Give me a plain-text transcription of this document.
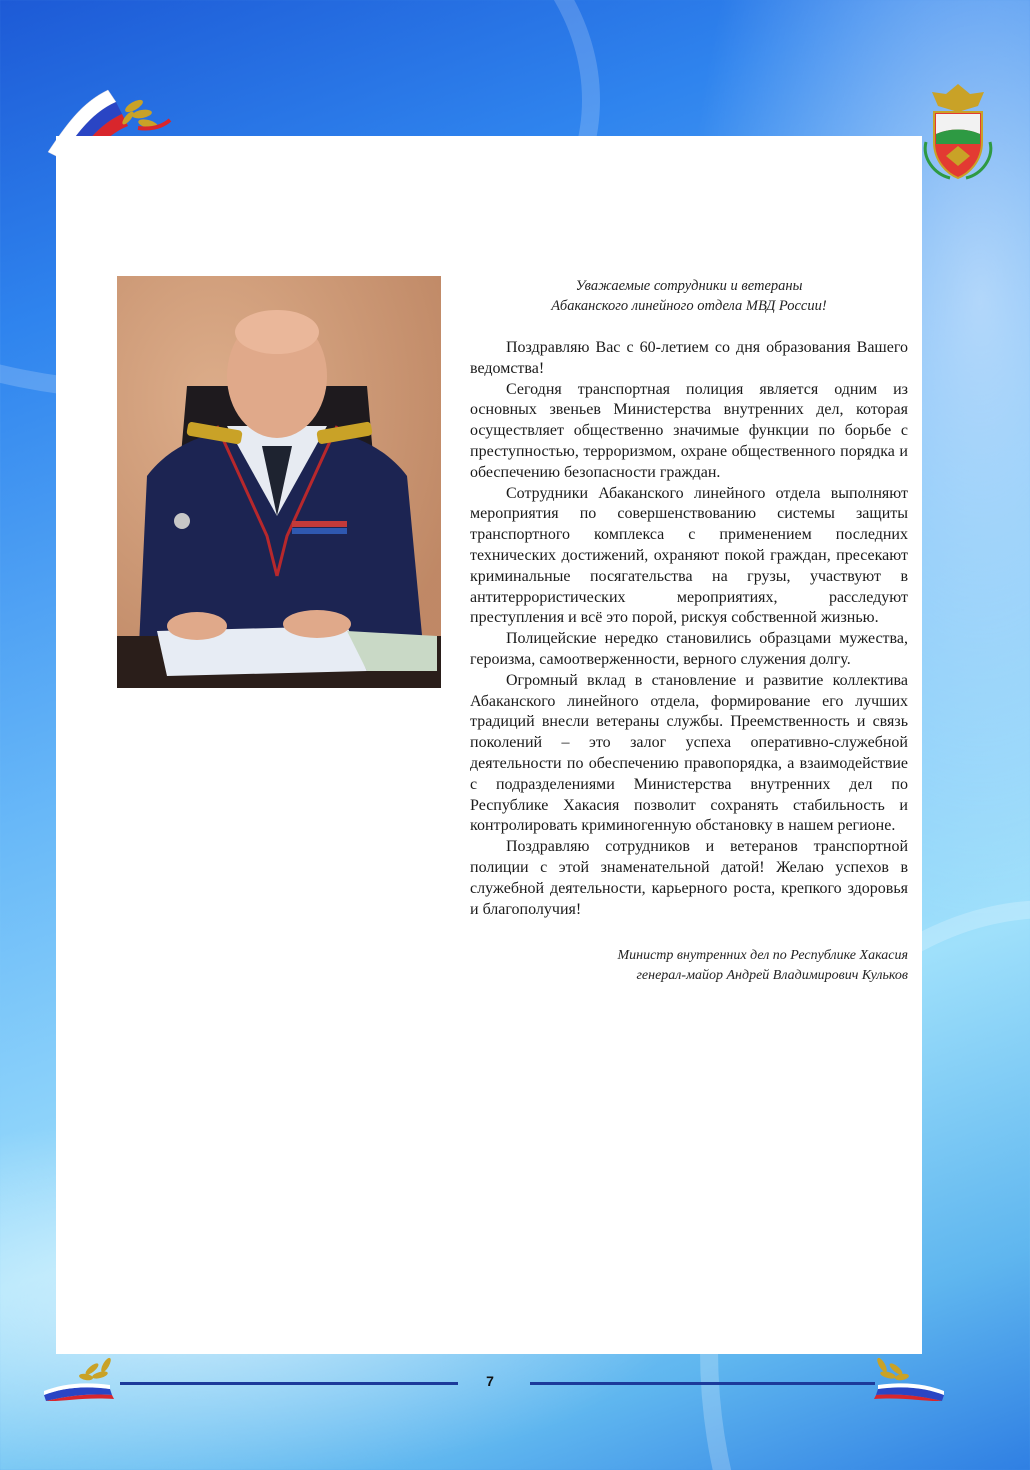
Уважаемые сотрудники и ветераны
Абаканского линейного отдела МВД России!

Поздравляю Вас с 60-летием со дня образования Вашего ведомства!

Сегодня транспортная полиция является одним из основных звеньев Министерства внутренних дел, которая осуществляет общественно значимые функции по борьбе с преступностью, терроризмом, охране общественного порядка и обеспечению безопасности граждан.

Сотрудники Абаканского линейного отдела выполняют мероприятия по совершенствованию системы защиты транспортного комплекса с применением последних технических достижений, охраняют покой граждан, пресекают криминальные посягательства на грузы, участвуют в антитеррористических мероприятиях, расследуют преступления и всё это порой, рискуя собственной жизнью.

Полицейские нередко становились образцами мужества, героизма, самоотверженности, верного служения долгу.

Огромный вклад в становление и развитие коллектива Абаканского линейного отдела, формирование его лучших традиций внесли ветераны службы. Преемственность и связь поколений – это залог успеха оперативно-служебной деятельности по обеспечению правопорядка, а взаимодействие с подразделениями Министерства внутренних дел по Республике Хакасия позволит сохранять стабильность и контролировать криминогенную обстановку в нашем регионе.

Поздравляю сотрудников и ветеранов транспортной полиции с этой знаменательной датой! Желаю успехов в служебной деятельности, карьерного роста, крепкого здоровья и благополучия!

Министр внутренних дел по Республике Хакасия
генерал-майор Андрей Владимирович Кульков
7
